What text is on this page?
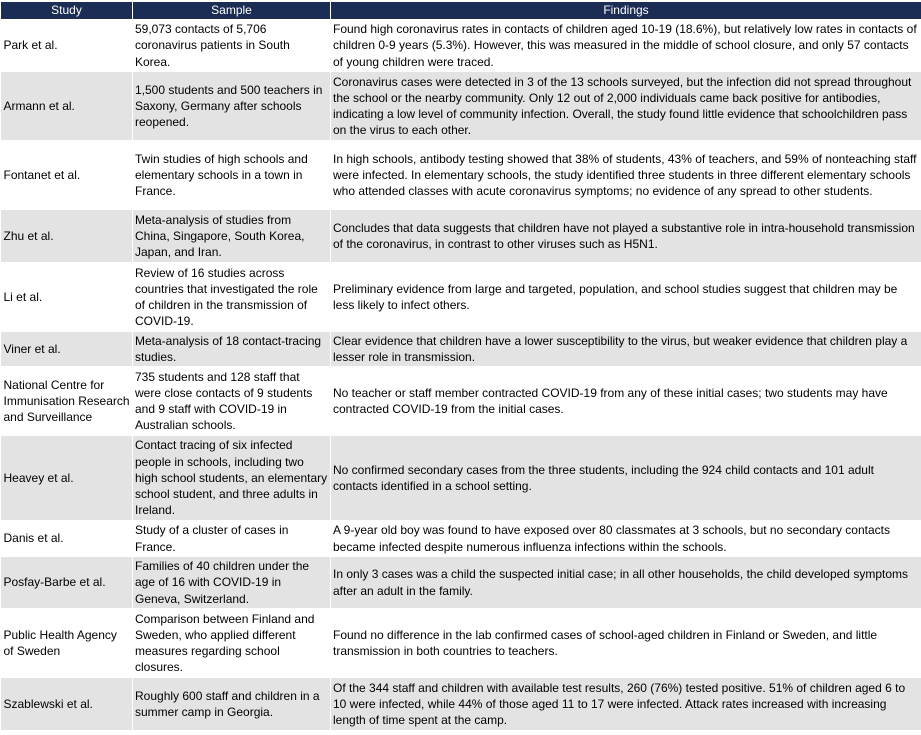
Study	Sample	Findings
Park et al.	59,073 contacts of 5,706 coronavirus patients in South Korea.	Found high coronavirus rates in contacts of children aged 10-19 (18.6%), but relatively low rates in contacts of children 0-9 years (5.3%). However, this was measured in the middle of school closure, and only 57 contacts of young children were traced.
Armann et al.	1,500 students and 500 teachers in Saxony, Germany after schools reopened.	Coronavirus cases were detected in 3 of the 13 schools surveyed, but the infection did not spread throughout the school or the nearby community. Only 12 out of 2,000 individuals came back positive for antibodies, indicating a low level of community infection. Overall, the study found little evidence that schoolchildren pass on the virus to each other.
Fontanet et al.	Twin studies of high schools and elementary schools in a town in France.	In high schools, antibody testing showed that 38% of students, 43% of teachers, and 59% of nonteaching staff were infected. In elementary schools, the study identified three students in three different elementary schools who attended classes with acute coronavirus symptoms; no evidence of any spread to other students.
Zhu et al.	Meta-analysis of studies from China, Singapore, South Korea, Japan, and Iran.	Concludes that data suggests that children have not played a substantive role in intra-household transmission of the coronavirus, in contrast to other viruses such as H5N1.
Li et al.	Review of 16 studies across countries that investigated the role of children in the transmission of COVID-19.	Preliminary evidence from large and targeted, population, and school studies suggest that children may be less likely to infect others.
Viner et al.	Meta-analysis of 18 contact-tracing studies.	Clear evidence that children have a lower susceptibility to the virus, but weaker evidence that children play a lesser role in transmission.
National Centre for Immunisation Research and Surveillance	735 students and 128 staff that were close contacts of 9 students and 9 staff with COVID-19 in Australian schools.	No teacher or staff member contracted COVID-19 from any of these initial cases; two students may have contracted COVID-19 from the initial cases.
Heavey et al.	Contact tracing of six infected people in schools, including two high school students, an elementary school student, and three adults in Ireland.	No confirmed secondary cases from the three students, including the 924 child contacts and 101 adult contacts identified in a school setting.
Danis et al.	Study of a cluster of cases in France.	A 9-year old boy was found to have exposed over 80 classmates at 3 schools, but no secondary contacts became infected despite numerous influenza infections within the schools.
Posfay-Barbe et al.	Families of 40 children under the age of 16 with COVID-19 in Geneva, Switzerland.	In only 3 cases was a child the suspected initial case; in all other households, the child developed symptoms after an adult in the family.
Public Health Agency of Sweden	Comparison between Finland and Sweden, who applied different measures regarding school closures.	Found no difference in the lab confirmed cases of school-aged children in Finland or Sweden, and little transmission in both countries to teachers.
Szablewski et al.	Roughly 600 staff and children in a summer camp in Georgia.	Of the 344 staff and children with available test results, 260 (76%) tested positive. 51% of children aged 6 to 10 were infected, while 44% of those aged 11 to 17 were infected. Attack rates increased with increasing length of time spent at the camp.
